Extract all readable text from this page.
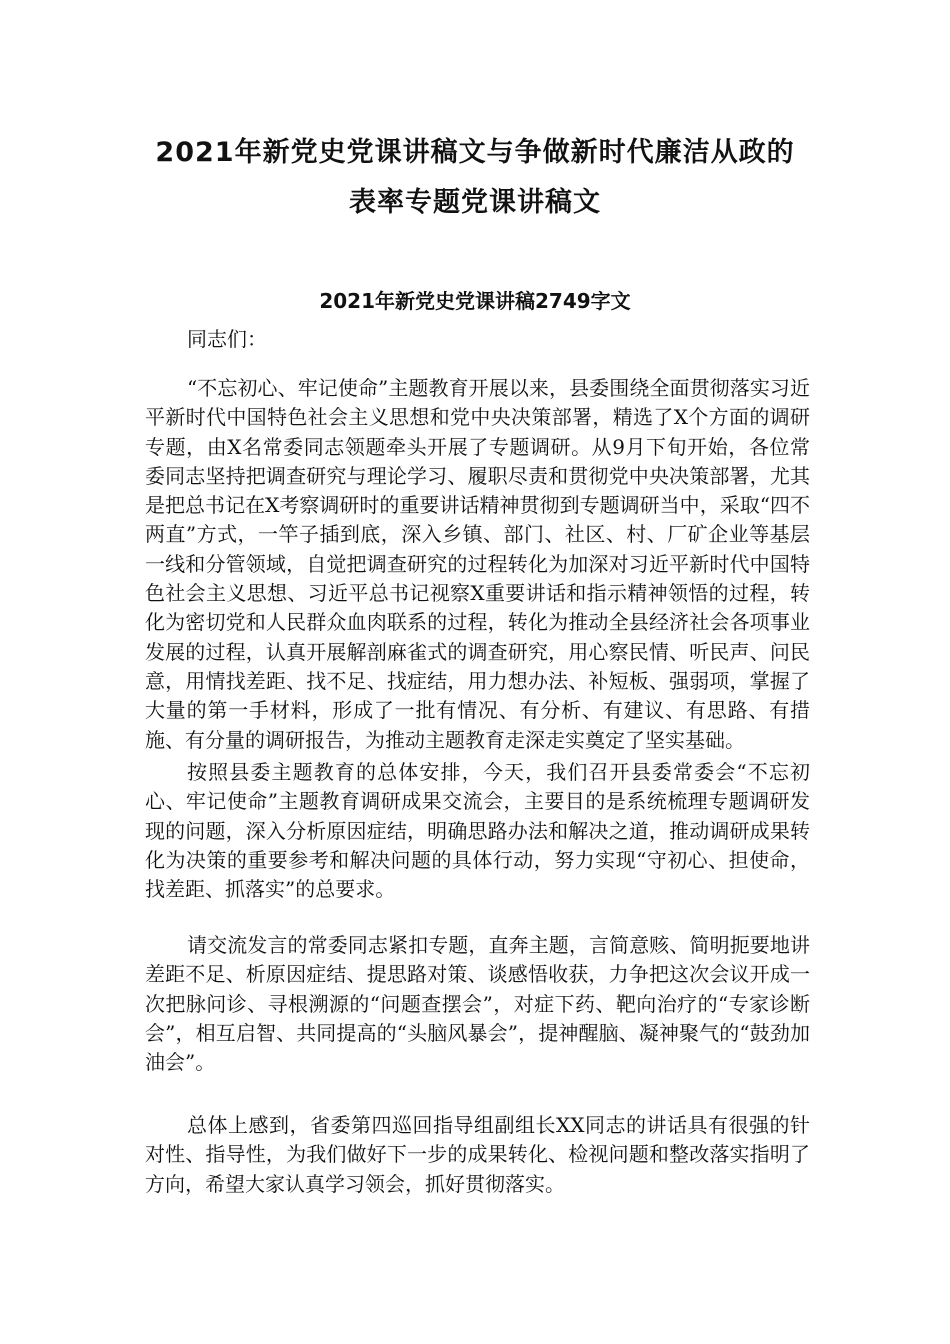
2021年新党史党课讲稿文与争做新时代廉洁从政的
表率专题党课讲稿文
2021年新党史党课讲稿2749字文

同志们：

“不忘初心、牢记使命”主题教育开展以来，县委围绕全面贯彻落实习近平新时代中国特色社会主义思想和党中央决策部署，精选了X个方面的调研专题，由X名常委同志领题牵头开展了专题调研。从9月下旬开始，各位常委同志坚持把调查研究与理论学习、履职尽责和贯彻党中央决策部署，尤其是把总书记在X考察调研时的重要讲话精神贯彻到专题调研当中，采取“四不两直”方式，一竿子插到底，深入乡镇、部门、社区、村、厂矿企业等基层一线和分管领域，自觉把调查研究的过程转化为加深对习近平新时代中国特色社会主义思想、习近平总书记视察X重要讲话和指示精神领悟的过程，转化为密切党和人民群众血肉联系的过程，转化为推动全县经济社会各项事业发展的过程，认真开展解剖麻雀式的调查研究，用心察民情、听民声、问民意，用情找差距、找不足、找症结，用力想办法、补短板、强弱项，掌握了大量的第一手材料，形成了一批有情况、有分析、有建议、有思路、有措施、有分量的调研报告，为推动主题教育走深走实奠定了坚实基础。

按照县委主题教育的总体安排，今天，我们召开县委常委会“不忘初心、牢记使命”主题教育调研成果交流会，主要目的是系统梳理专题调研发现的问题，深入分析原因症结，明确思路办法和解决之道，推动调研成果转化为决策的重要参考和解决问题的具体行动，努力实现“守初心、担使命，找差距、抓落实”的总要求。

请交流发言的常委同志紧扣专题，直奔主题，言简意赅、简明扼要地讲差距不足、析原因症结、提思路对策、谈感悟收获，力争把这次会议开成一次把脉问诊、寻根溯源的“问题查摆会”，对症下药、靶向治疗的“专家诊断会”，相互启智、共同提高的“头脑风暴会”，提神醒脑、凝神聚气的“鼓劲加油会”。

总体上感到，省委第四巡回指导组副组长XX同志的讲话具有很强的针对性、指导性，为我们做好下一步的成果转化、检视问题和整改落实指明了方向，希望大家认真学习领会，抓好贯彻落实。
